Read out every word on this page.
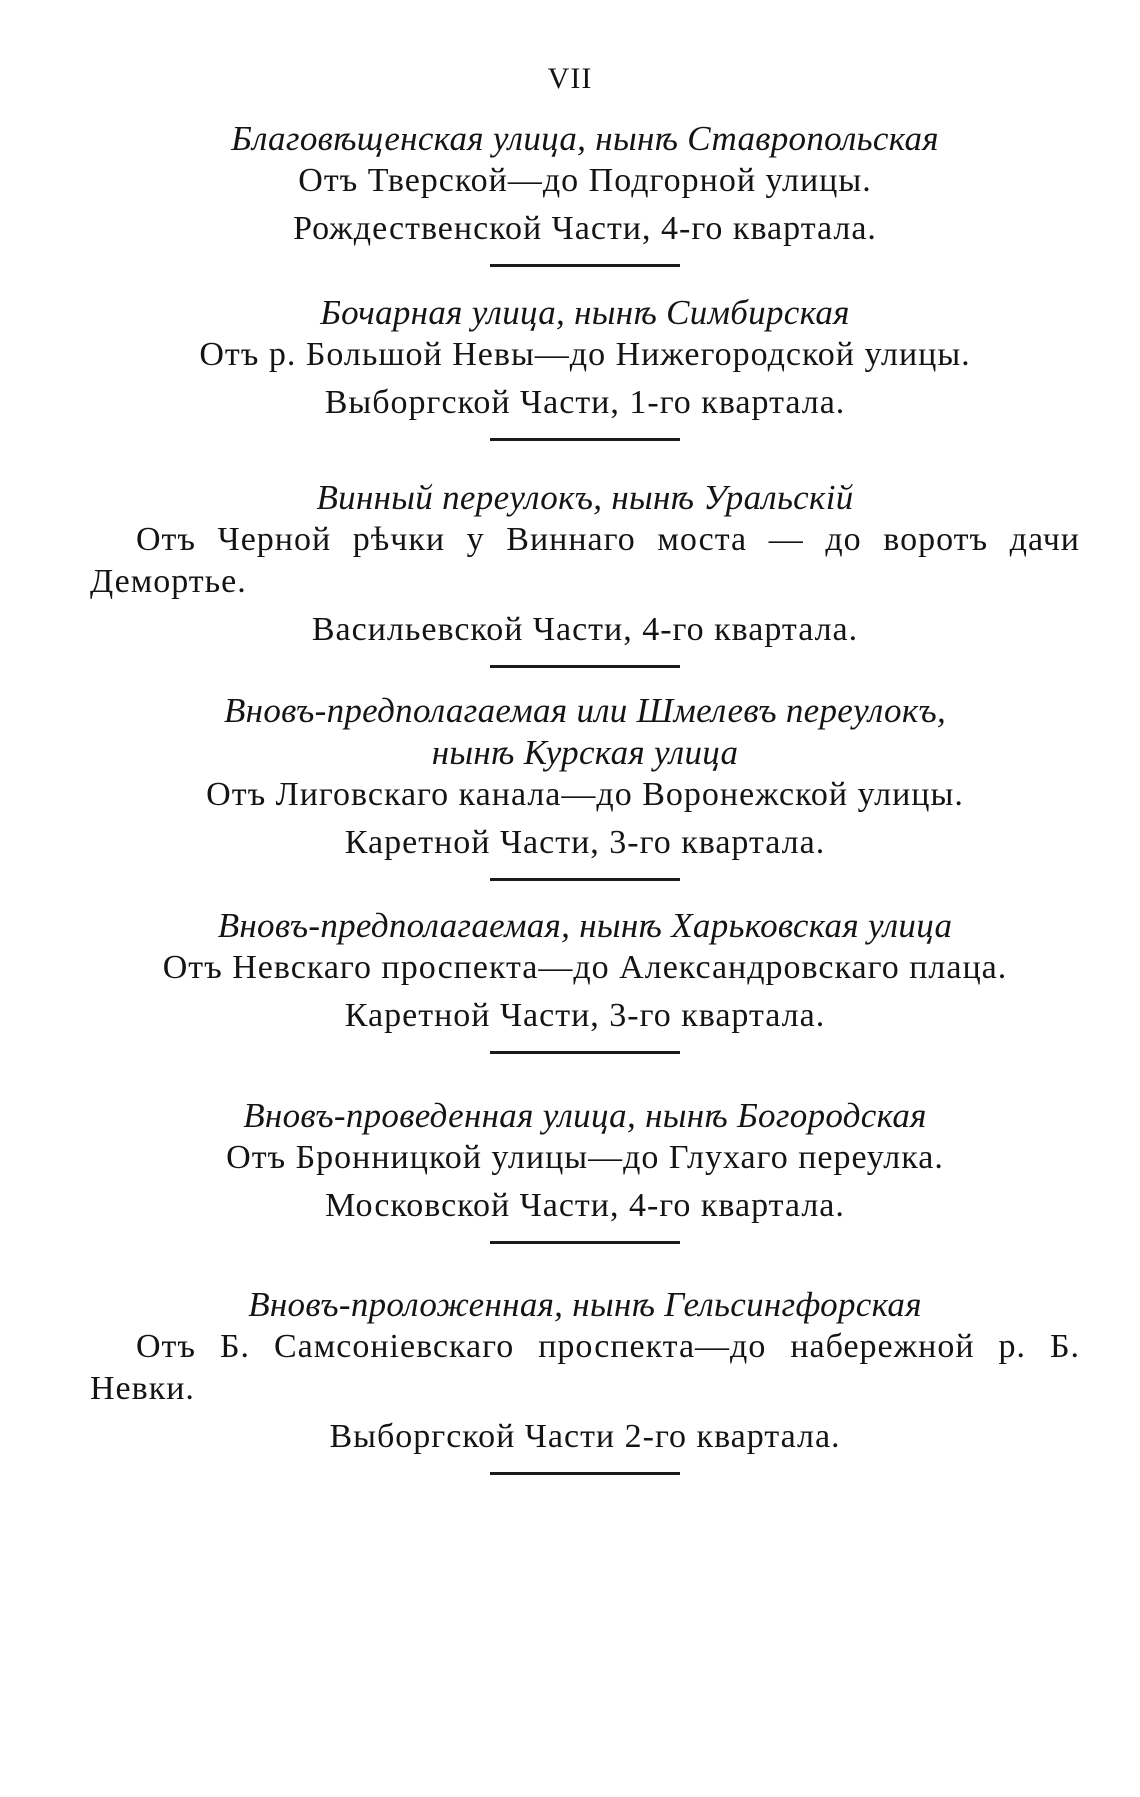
VII
Благовѣщенская улица, нынѣ Ставропольская
Отъ Тверской—до Подгорной улицы.
Рождественской Части, 4-го квартала.
Бочарная улица, нынѣ Симбирская
Отъ р. Большой Невы—до Нижегородской улицы.
Выборгской Части, 1-го квартала.
Винный переулокъ, нынѣ Уральскій
Отъ Черной рѣчки у Виннаго моста — до воротъ дачи Демортье.
Васильевской Части, 4-го квартала.
Вновъ-предполагаемая или Шмелевъ переулокъ, нынѣ Курская улица
Отъ Лиговскаго канала—до Воронежской улицы.
Каретной Части, 3-го квартала.
Вновъ-предполагаемая, нынѣ Харьковская улица
Отъ Невскаго проспекта—до Александровскаго плаца.
Каретной Части, 3-го квартала.
Вновъ-проведенная улица, нынѣ Богородская
Отъ Бронницкой улицы—до Глухаго переулка.
Московской Части, 4-го квартала.
Вновъ-проложенная, нынѣ Гельсингфорская
Отъ Б. Самсоніевскаго проспекта—до набережной р. Б. Невки.
Выборгской Части 2-го квартала.
